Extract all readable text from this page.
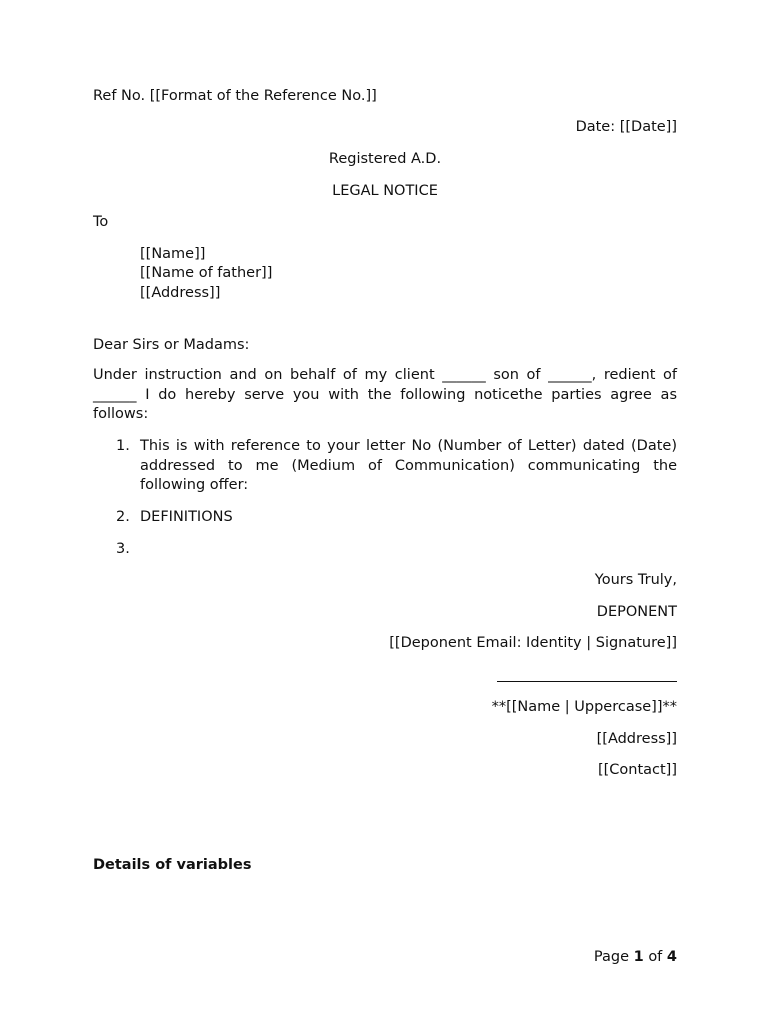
Ref No. [[Format of the Reference No.]]
Date: [[Date]]
Registered A.D.
LEGAL NOTICE
To
[[Name]]
[[Name of father]]
[[Address]]
Dear Sirs or Madams:
Under instruction and on behalf of my client ______ son of ______, redient of ______ I do hereby serve you with the following noticethe parties agree as follows:
1. This is with reference to your letter No (Number of Letter) dated (Date) addressed to me (Medium of Communication) communicating the following offer:
2. DEFINITIONS
3.
Yours Truly,
DEPONENT
[[Deponent Email: Identity | Signature]]
**[[Name | Uppercase]]**
[[Address]]
[[Contact]]
Details of variables
Page 1 of 4
